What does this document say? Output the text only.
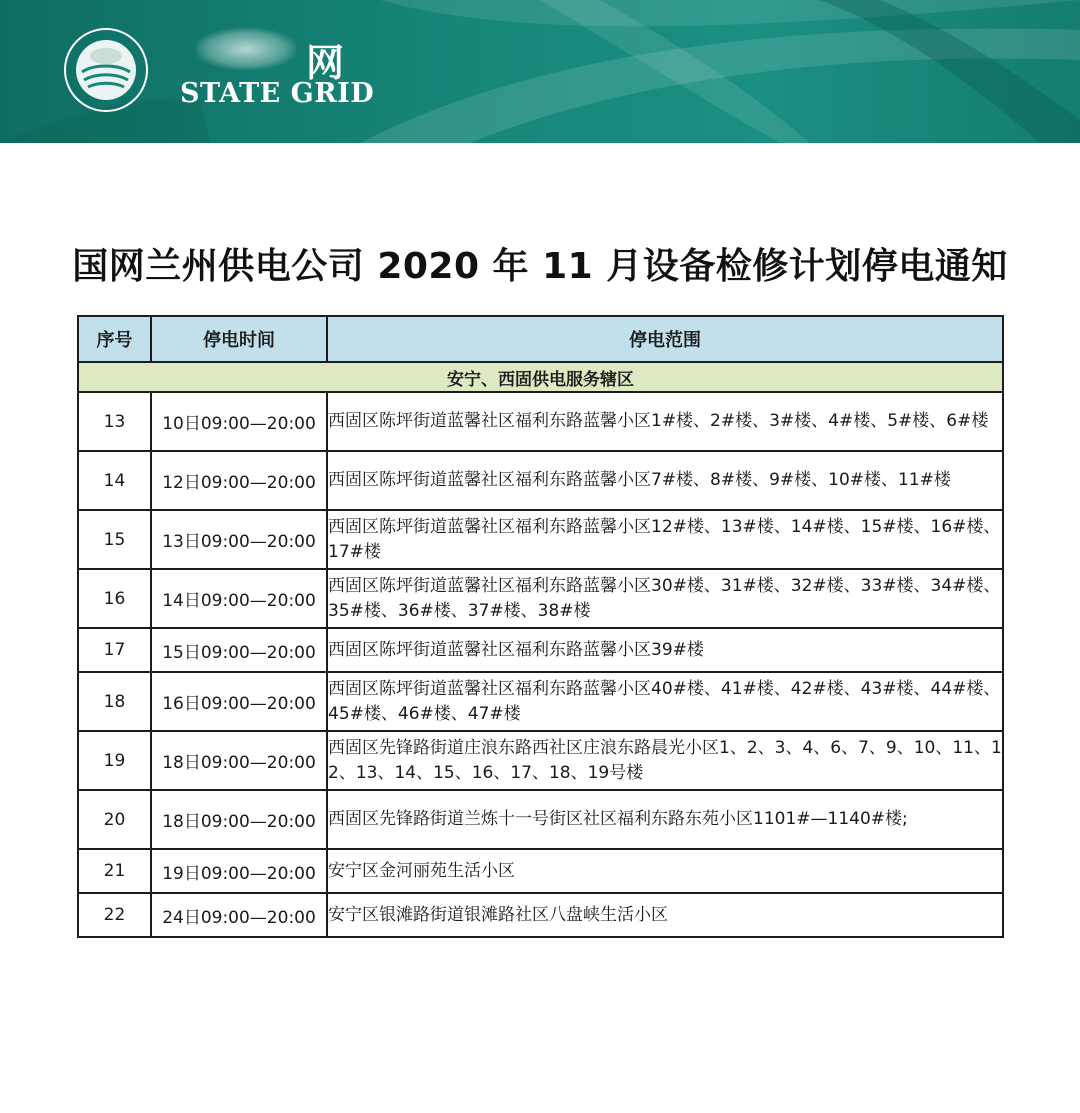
网
STATE GRID
国网兰州供电公司 2020 年 11 月设备检修计划停电通知
序号	停电时间	停电范围
安宁、西固供电服务辖区		
13	10日09:00—20:00	西固区陈坪街道蓝馨社区福利东路蓝馨小区1#楼、2#楼、3#楼、4#楼、5#楼、6#楼
14	12日09:00—20:00	西固区陈坪街道蓝馨社区福利东路蓝馨小区7#楼、8#楼、9#楼、10#楼、11#楼
15	13日09:00—20:00	西固区陈坪街道蓝馨社区福利东路蓝馨小区12#楼、13#楼、14#楼、15#楼、16#楼、17#楼
16	14日09:00—20:00	西固区陈坪街道蓝馨社区福利东路蓝馨小区30#楼、31#楼、32#楼、33#楼、34#楼、35#楼、36#楼、37#楼、38#楼
17	15日09:00—20:00	西固区陈坪街道蓝馨社区福利东路蓝馨小区39#楼
18	16日09:00—20:00	西固区陈坪街道蓝馨社区福利东路蓝馨小区40#楼、41#楼、42#楼、43#楼、44#楼、45#楼、46#楼、47#楼
19	18日09:00—20:00	西固区先锋路街道庄浪东路西社区庄浪东路晨光小区1、2、3、4、6、7、9、10、11、12、13、14、15、16、17、18、19号楼
20	18日09:00—20:00	西固区先锋路街道兰炼十一号街区社区福利东路东苑小区1101#—1140#楼;
21	19日09:00—20:00	安宁区金河丽苑生活小区
22	24日09:00—20:00	安宁区银滩路街道银滩路社区八盘峡生活小区
